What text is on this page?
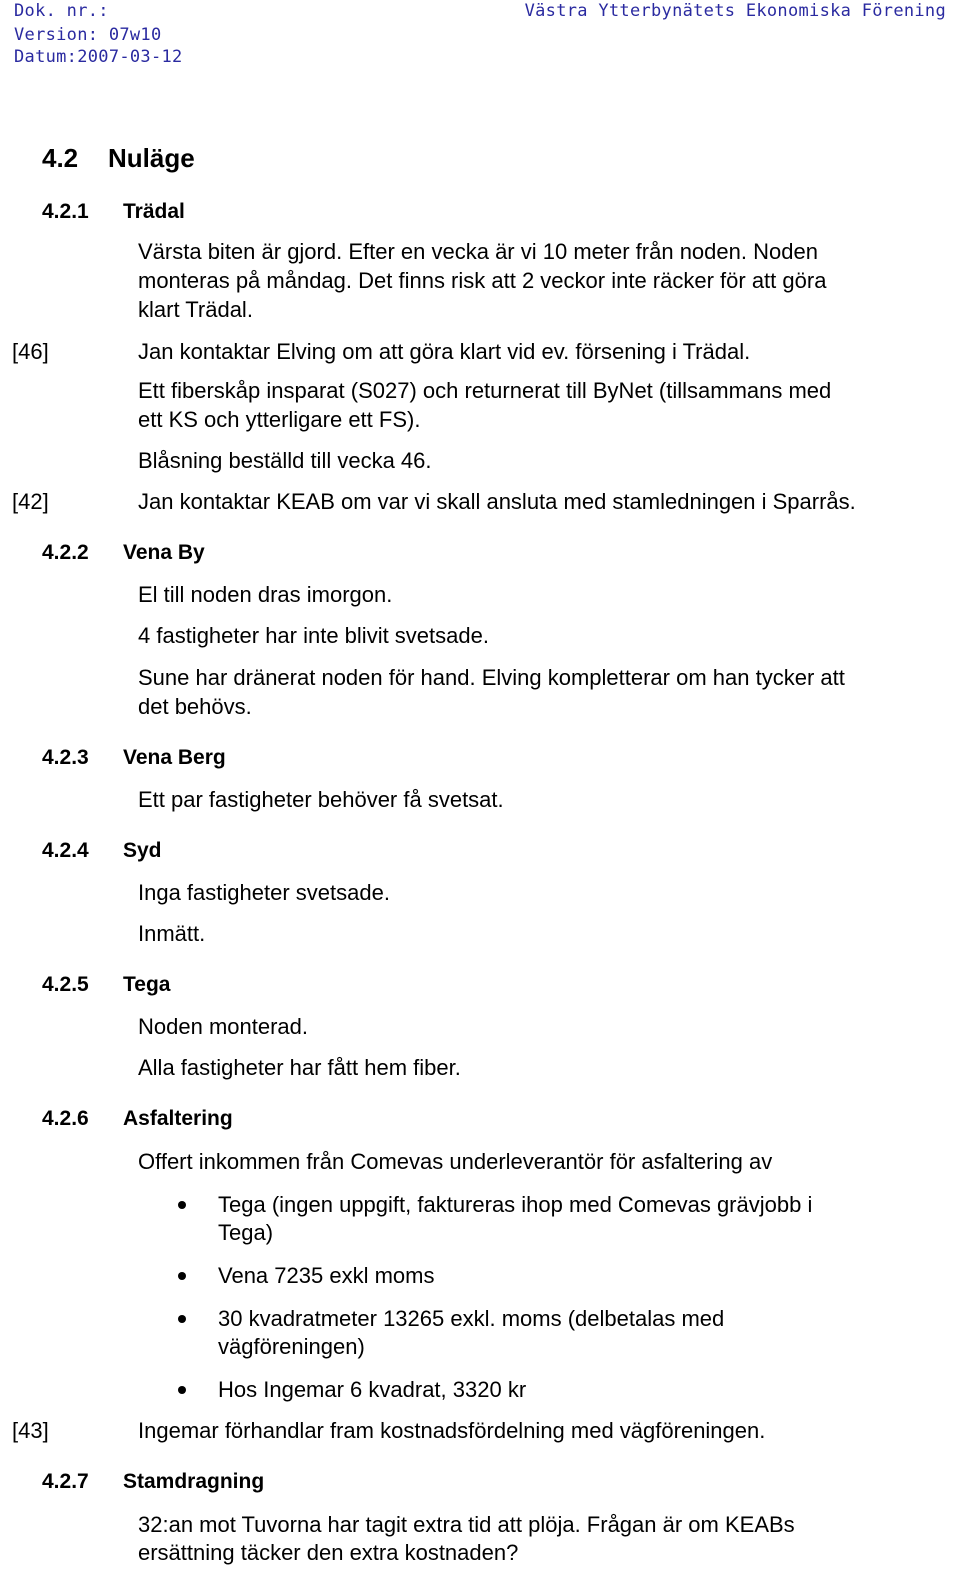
Dok. nr.:
Version: 07w10
Datum:2007-03-12
Västra Ytterbynätets Ekonomiska Förening
4.2 Nuläge
4.2.1 Trädal
Värsta biten är gjord. Efter en vecka är vi 10 meter från noden. Noden
monteras på måndag. Det finns risk att 2 veckor inte räcker för att göra
klart Trädal.
[46]	Jan kontaktar Elving om att göra klart vid ev. försening i Trädal.
Ett fiberskåp insparat (S027) och returnerat till ByNet (tillsammans med
ett KS och ytterligare ett FS).
Blåsning beställd till vecka 46.
[42]	Jan kontaktar KEAB om var vi skall ansluta med stamledningen i Sparrås.
4.2.2 Vena By
El till noden dras imorgon.
4 fastigheter har inte blivit svetsade.
Sune har dränerat noden för hand. Elving kompletterar om han tycker att
det behövs.
4.2.3 Vena Berg
Ett par fastigheter behöver få svetsat.
4.2.4 Syd
Inga fastigheter svetsade.
Inmätt.
4.2.5 Tega
Noden monterad.
Alla fastigheter har fått hem fiber.
4.2.6 Asfaltering
Offert inkommen från Comevas underleverantör för asfaltering av
Tega (ingen uppgift, faktureras ihop med Comevas grävjobb i
Tega)
Vena 7235 exkl moms
30 kvadratmeter 13265 exkl. moms (delbetalas med
vägföreningen)
Hos Ingemar 6 kvadrat, 3320 kr
[43]	Ingemar förhandlar fram kostnadsfördelning med vägföreningen.
4.2.7 Stamdragning
32:an mot Tuvorna har tagit extra tid att plöja. Frågan är om KEABs
ersättning täcker den extra kostnaden?
